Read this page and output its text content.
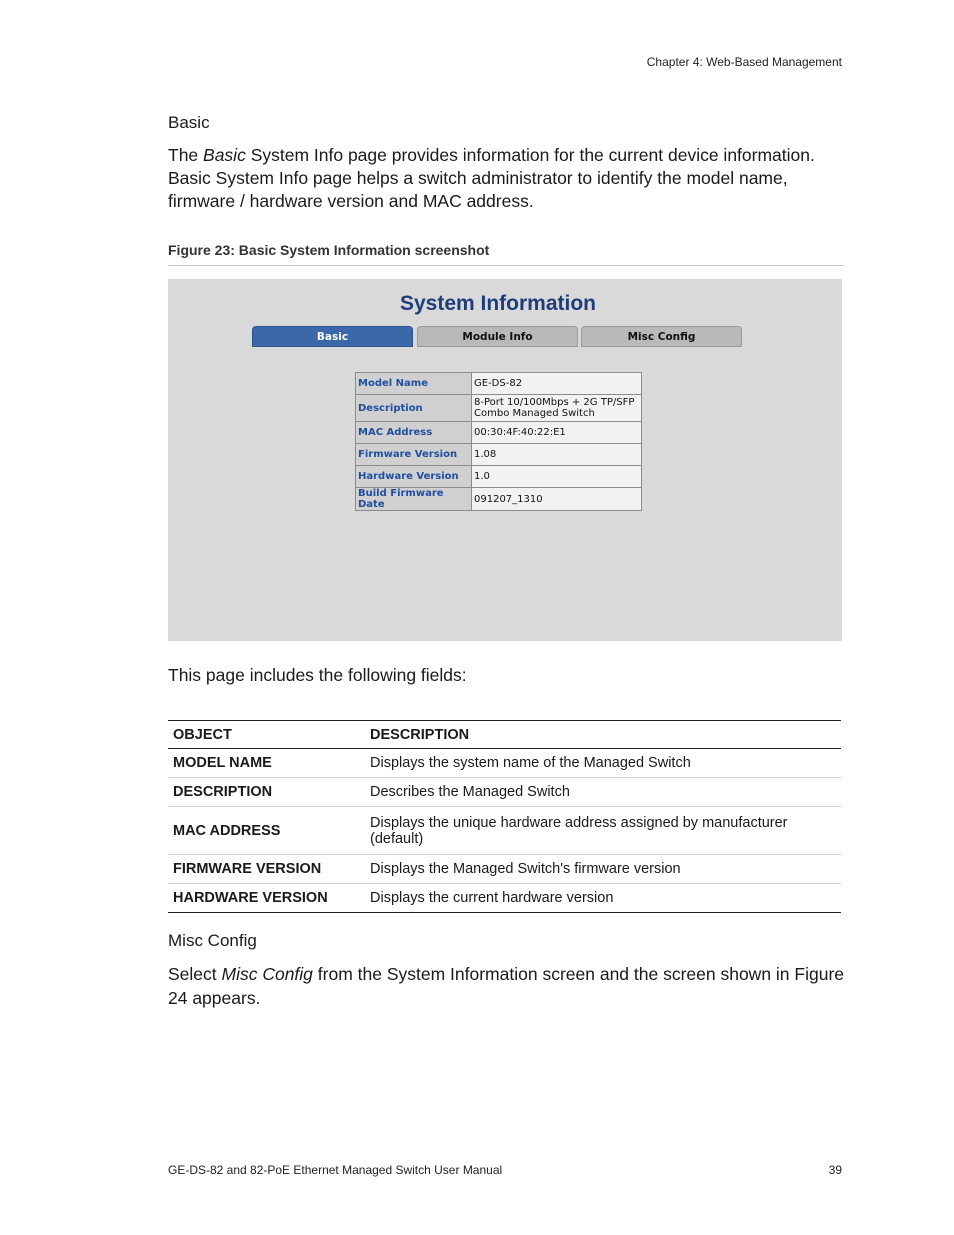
Chapter 4: Web-Based Management
Basic
The Basic System Info page provides information for the current device information. Basic System Info page helps a switch administrator to identify the model name, firmware / hardware version and MAC address.
Figure 23: Basic System Information screenshot
System Information
Basic	Module Info	Misc Config
Model Name	GE-DS-82
Description	8-Port 10/100Mbps + 2G TP/SFP Combo Managed Switch
MAC Address	00:30:4F:40:22:E1
Firmware Version	1.08
Hardware Version	1.0
Build Firmware Date	091207_1310
This page includes the following fields:
OBJECT	DESCRIPTION
MODEL NAME	Displays the system name of the Managed Switch
DESCRIPTION	Describes the Managed Switch
MAC ADDRESS	Displays the unique hardware address assigned by manufacturer (default)
FIRMWARE VERSION	Displays the Managed Switch's firmware version
HARDWARE VERSION	Displays the current hardware version
Misc Config
Select Misc Config from the System Information screen and the screen shown in Figure 24 appears.
GE-DS-82 and 82-PoE Ethernet Managed Switch User Manual	39
